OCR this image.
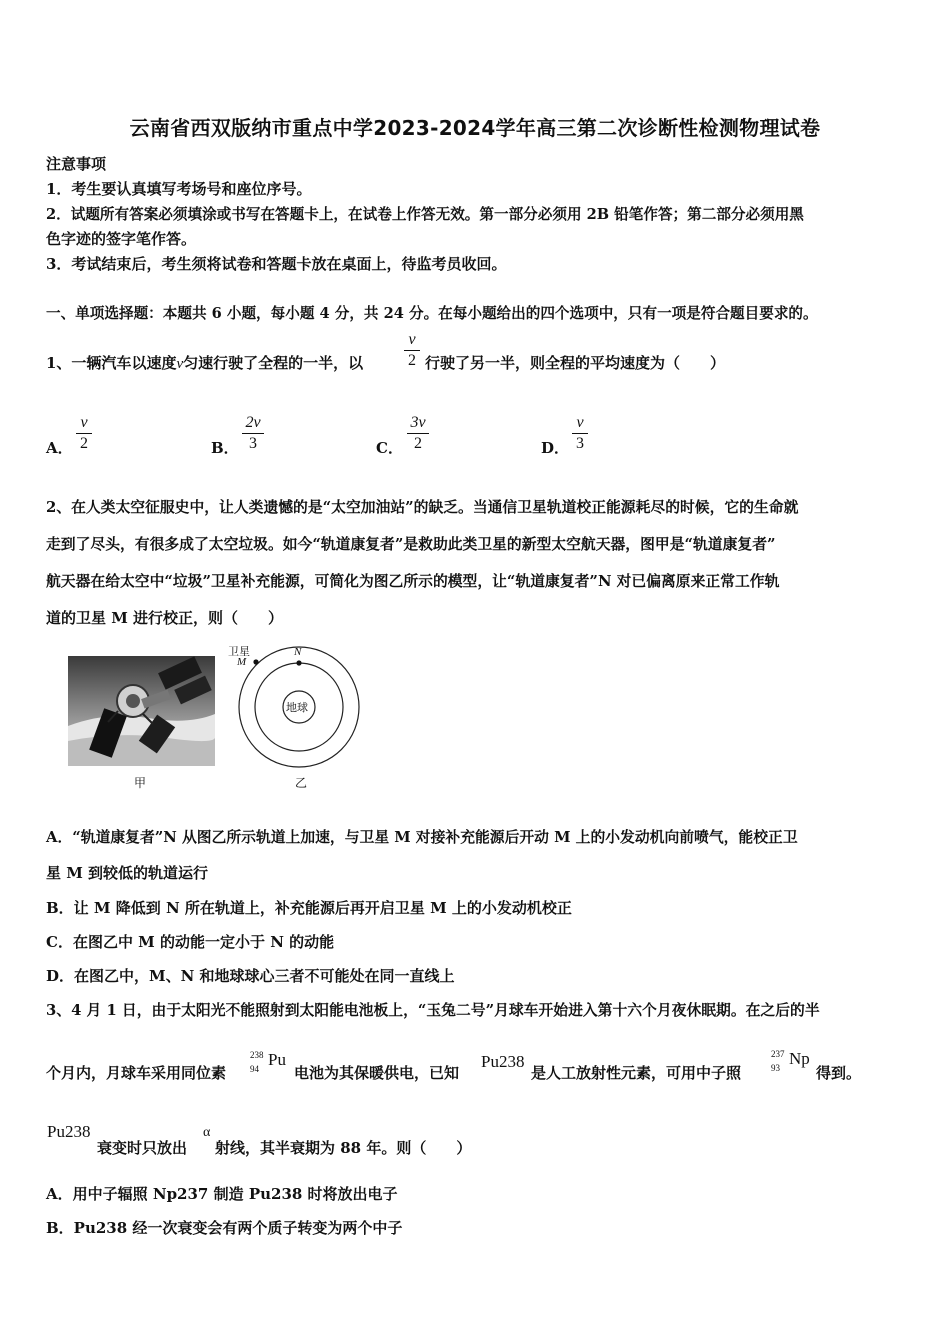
云南省西双版纳市重点中学2023-2024学年高三第二次诊断性检测物理试卷
注意事项
1．考生要认真填写考场号和座位序号。
2．试题所有答案必须填涂或书写在答题卡上，在试卷上作答无效。第一部分必须用 2B 铅笔作答；第二部分必须用黑
色字迹的签字笔作答。
3．考试结束后，考生须将试卷和答题卡放在桌面上，待监考员收回。
一、单项选择题：本题共 6 小题，每小题 4 分，共 24 分。在每小题给出的四个选项中，只有一项是符合题目要求的。
1、一辆汽车以速度v匀速行驶了全程的一半，以
v
2 行驶了另一半，则全程的平均速度为（　　）
A．
v
2	B．
2v
3	C．
3v
2	D．
v
3
2、在人类太空征服史中，让人类遗憾的是“太空加油站”的缺乏。当通信卫星轨道校正能源耗尽的时候，它的生命就
走到了尽头，有很多成了太空垃圾。如今“轨道康复者”是救助此类卫星的新型太空航天器，图甲是“轨道康复者”
航天器在给太空中“垃圾”卫星补充能源，可简化为图乙所示的模型，让“轨道康复者”N 对已偏离原来正常工作轨
道的卫星 M 进行校正，则（　　）
甲
卫星
M
N
地球
乙
A．“轨道康复者”N 从图乙所示轨道上加速，与卫星 M 对接补充能源后开动 M 上的小发动机向前喷气，能校正卫
星 M 到较低的轨道运行
B．让 M 降低到 N 所在轨道上，补充能源后再开启卫星 M 上的小发动机校正
C．在图乙中 M 的动能一定小于 N 的动能
D．在图乙中，M、N 和地球球心三者不可能处在同一直线上
3、4 月 1 日，由于太阳光不能照射到太阳能电池板上，“玉兔二号”月球车开始进入第十六个月夜休眠期。在之后的半
个月内，月球车采用同位素
238
94 Pu
电池为其保暖供电，已知
Pu238
是人工放射性元素，可用中子照
237
93 Np
得到。
Pu238
衰变时只放出
α
射线，其半衰期为 88 年。则（　　）
A．用中子辐照 Np237 制造 Pu238 时将放出电子
B．Pu238 经一次衰变会有两个质子转变为两个中子
